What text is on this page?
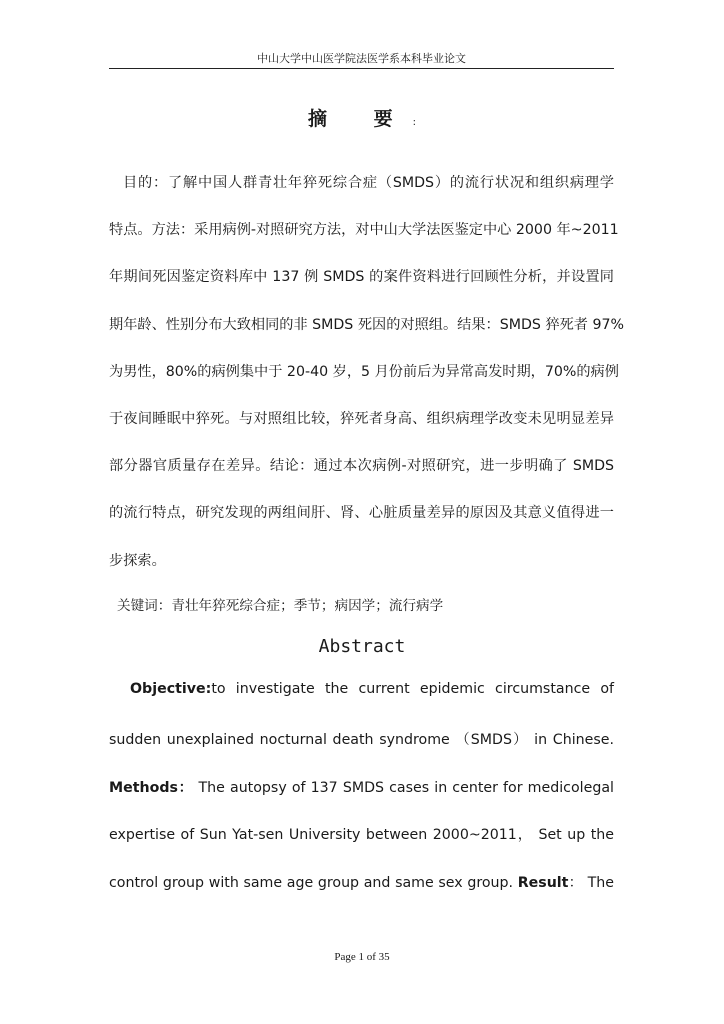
中山大学中山医学院法医学系本科毕业论文
摘 要:
目的：了解中国人群青壮年猝死综合症（SMDS）的流行状况和组织病理学
特点。方法：采用病例-对照研究方法，对中山大学法医鉴定中心 2000 年~2011
年期间死因鉴定资料库中 137 例 SMDS 的案件资料进行回顾性分析，并设置同
期年龄、性别分布大致相同的非 SMDS 死因的对照组。结果：SMDS 猝死者 97%
为男性，80%的病例集中于 20-40 岁，5 月份前后为异常高发时期，70%的病例
于夜间睡眠中猝死。与对照组比较，猝死者身高、组织病理学改变未见明显差异
部分器官质量存在差异。结论：通过本次病例-对照研究，进一步明确了 SMDS
的流行特点，研究发现的两组间肝、肾、心脏质量差异的原因及其意义值得进一
步探索。
关键词：青壮年猝死综合症；季节；病因学；流行病学
Abstract
Objective:to investigate the current epidemic circumstance of
sudden unexplained nocturnal death syndrome （SMDS） in Chinese.
Methods： The autopsy of 137 SMDS cases in center for medicolegal
expertise of Sun Yat-sen University between 2000~2011， Set up the
control group with same age group and same sex group. Result： The
Page 1 of 35
